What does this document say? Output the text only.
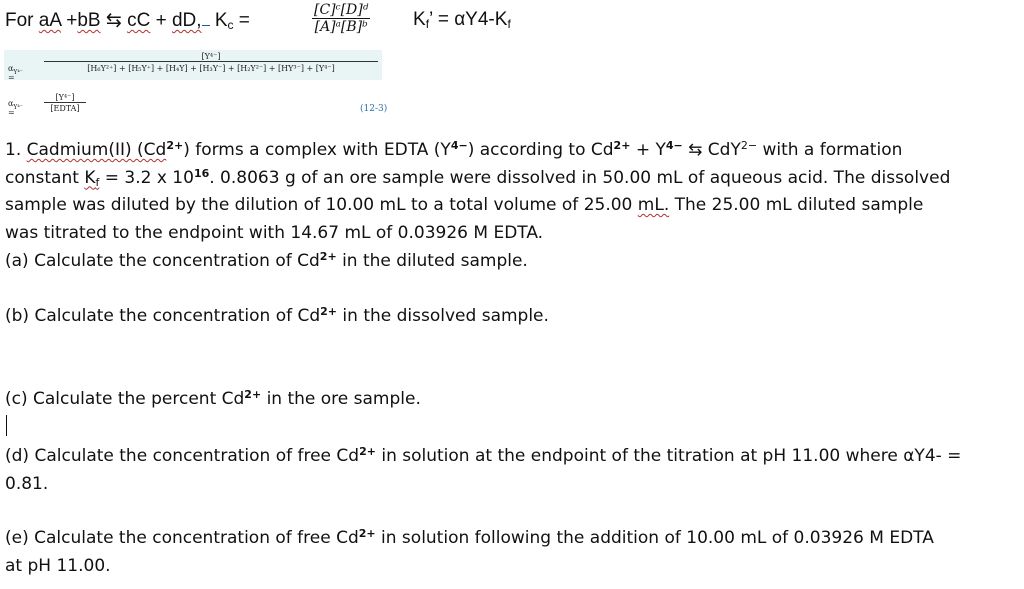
For aA +bB ⇆ cC + dD, $K_c$ =	$\frac{\text{[C]ᶜ[D]ᵈ}}{\text{[A]ᵃ[B]ᵇ}} K_f$’ = $\alpha Y4-K_f$
$\alpha_{Y^{4-}}$ =
[Y⁴⁻]
[H₆Y²⁺] + [H₅Y⁺] + [H₄Y] + [H₃Y⁻] + [H₂Y²⁻] + [HY³⁻] + [Y⁴⁻]
$\alpha_{Y^{4-}}$ =
[Y⁴⁻]
[EDTA]	(12-3)
1. Cadmium(II) $(Cd^{2+})$ forms a complex with EDTA $(Y^{4-})$ according to $Cd^{2+} + Y^{4-}$ ⇆ CdY$^{2-}$ with a formation
constant $K_f = 3.2$ x $10^{16}$. 0.8063 g of an ore sample were dissolved in 50.00 mL of aqueous acid. The dissolved
sample was diluted by the dilution of 10.00 mL to a total volume of 25.00 mL. The 25.00 mL diluted sample
was titrated to the endpoint with 14.67 mL of 0.03926 M EDTA.
(a) Calculate the concentration of $Cd^{2+}$ in the diluted sample.
(b) Calculate the concentration of $Cd^{2+}$ in the dissolved sample.
(c) Calculate the percent $Cd^{2+}$ in the ore sample.
(d) Calculate the concentration of free $Cd^{2+}$ in solution at the endpoint of the titration at pH 11.00 where αY4- =
0.81.
(e) Calculate the concentration of free $Cd^{2+}$ in solution following the addition of 10.00 mL of 0.03926 M EDTA
at pH 11.00.
